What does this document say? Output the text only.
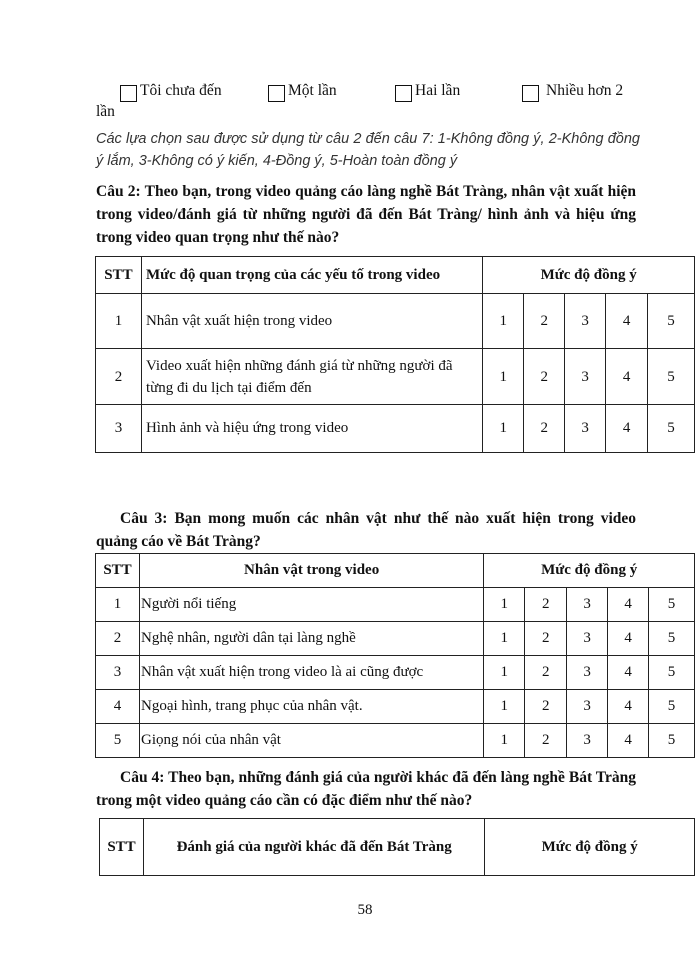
Tôi chưa đến	Một lần	Hai lần	Nhiều hơn 2
lần
Các lựa chọn sau được sử dụng từ câu 2 đến câu 7: 1-Không đồng ý, 2-Không đồng ý lắm, 3-Không có ý kiến, 4-Đồng ý, 5-Hoàn toàn đồng ý
Câu 2: Theo bạn, trong video quảng cáo làng nghề Bát Tràng, nhân vật xuất hiện trong video/đánh giá từ những người đã đến Bát Tràng/ hình ảnh và hiệu ứng trong video quan trọng như thế nào?
STT	Mức độ quan trọng của các yếu tố trong video	Mức độ đồng ý				
1	Nhân vật xuất hiện trong video	1	2	3	4	5
2	Video xuất hiện những đánh giá từ những người đã từng đi du lịch tại điểm đến	1	2	3	4	5
3	Hình ảnh và hiệu ứng trong video	1	2	3	4	5
Câu 3: Bạn mong muốn các nhân vật như thế nào xuất hiện trong video quảng cáo về Bát Tràng?
STT	Nhân vật trong video	Mức độ đồng ý				
1	Người nổi tiếng	1	2	3	4	5
2	Nghệ nhân, người dân tại làng nghề	1	2	3	4	5
3	Nhân vật xuất hiện trong video là ai cũng được	1	2	3	4	5
4	Ngoại hình, trang phục của nhân vật.	1	2	3	4	5
5	Giọng nói của nhân vật	1	2	3	4	5
Câu 4: Theo bạn, những đánh giá của người khác đã đến làng nghề Bát Tràng trong một video quảng cáo cần có đặc điểm như thế nào?
STT	Đánh giá của người khác đã đến Bát Tràng	Mức độ đồng ý
58
